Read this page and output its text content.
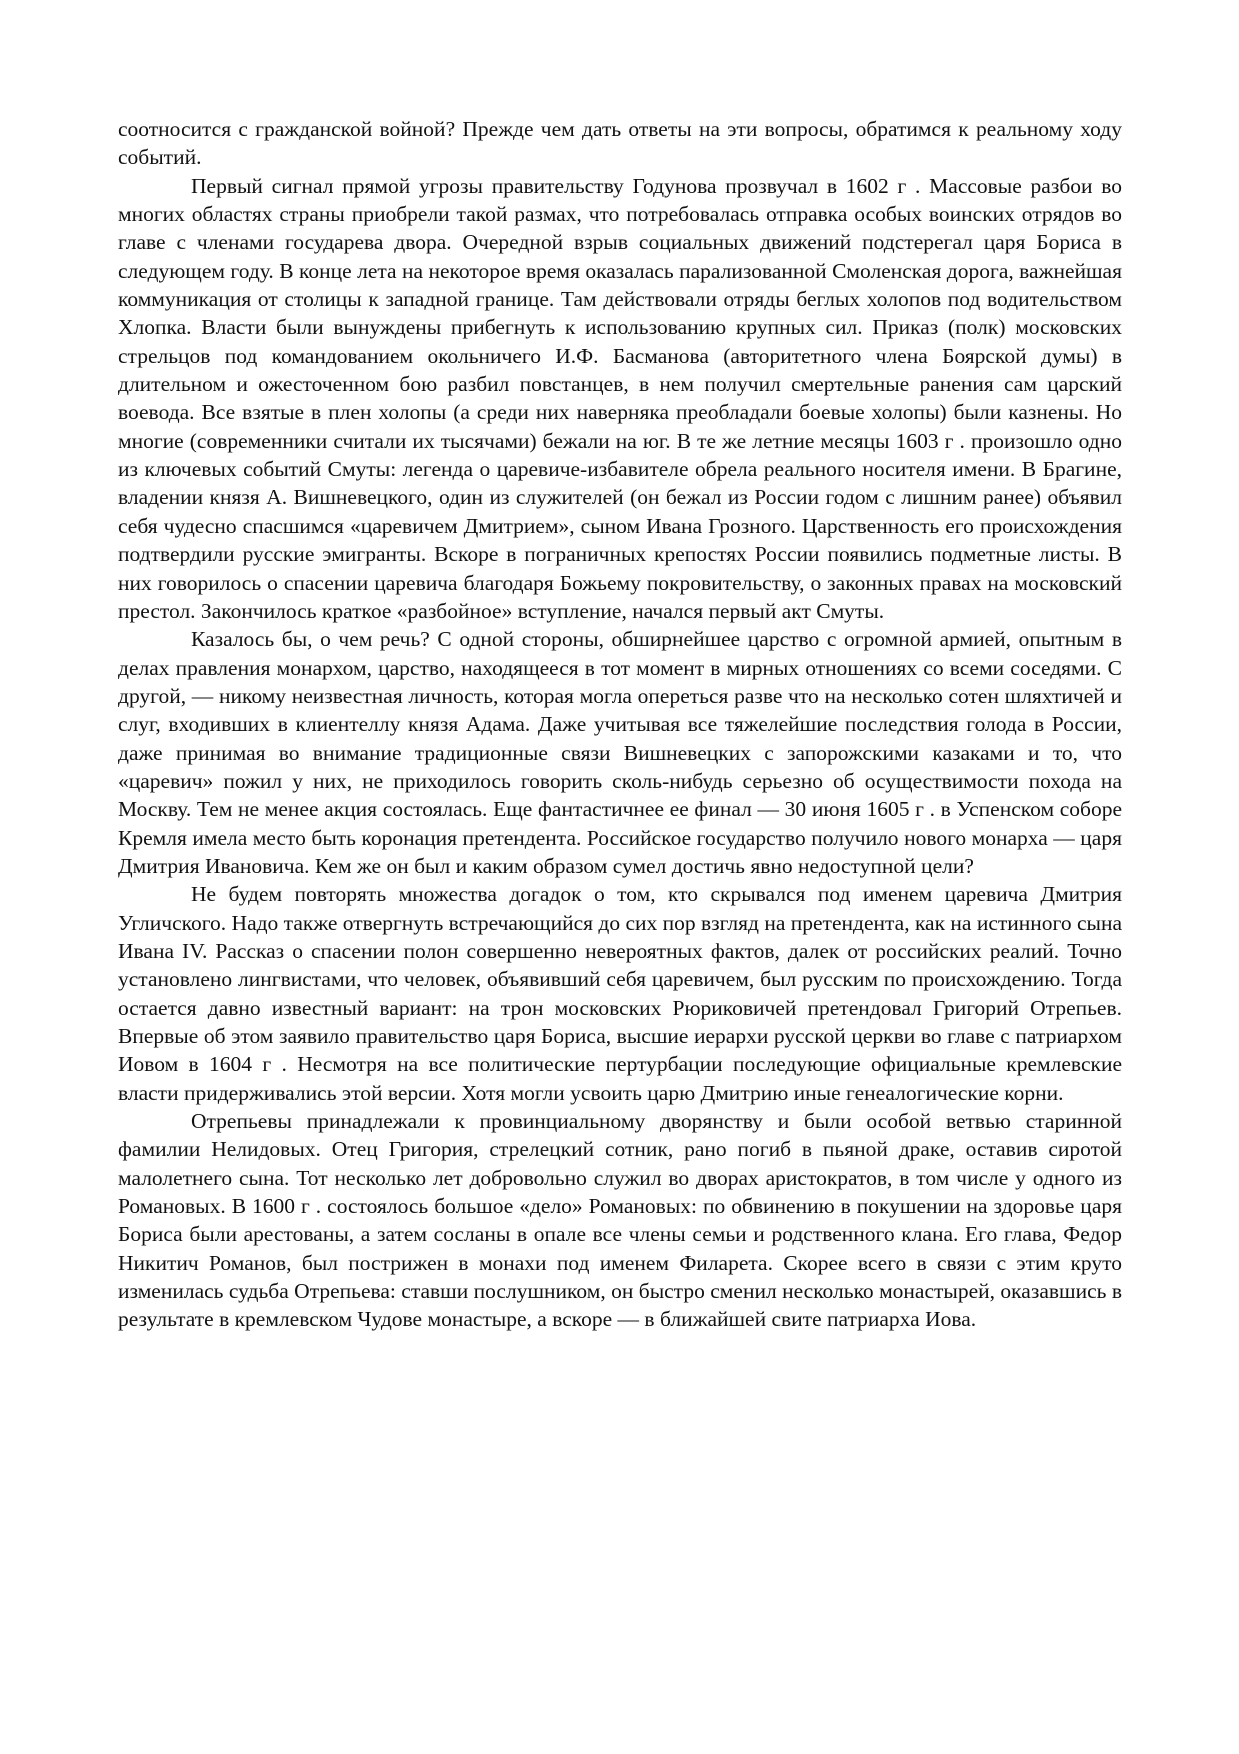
соотносится с гражданской войной? Прежде чем дать ответы на эти вопросы, обратимся к реальному ходу событий.

Первый сигнал прямой угрозы правительству Годунова прозвучал в 1602 г . Массовые разбои во многих областях страны приобрели такой размах, что потребовалась отправка особых воинских отрядов во главе с членами государева двора. Очередной взрыв социальных движений подстерегал царя Бориса в следующем году. В конце лета на некоторое время оказалась парализованной Смоленская дорога, важнейшая коммуникация от столицы к западной границе. Там действовали отряды беглых холопов под водительством Хлопка. Власти были вынуждены прибегнуть к использованию крупных сил. Приказ (полк) московских стрельцов под командованием окольничего И.Ф. Басманова (авторитетного члена Боярской думы) в длительном и ожесточенном бою разбил повстанцев, в нем получил смертельные ранения сам царский воевода. Все взятые в плен холопы (а среди них наверняка преобладали боевые холопы) были казнены. Но многие (современники считали их тысячами) бежали на юг. В те же летние месяцы 1603 г . произошло одно из ключевых событий Смуты: легенда о царевиче-избавителе обрела реального носителя имени. В Брагине, владении князя А. Вишневецкого, один из служителей (он бежал из России годом с лишним ранее) объявил себя чудесно спасшимся «царевичем Дмитрием», сыном Ивана Грозного. Царственность его происхождения подтвердили русские эмигранты. Вскоре в пограничных крепостях России появились подметные листы. В них говорилось о спасении царевича благодаря Божьему покровительству, о законных правах на московский престол. Закончилось краткое «разбойное» вступление, начался первый акт Смуты.

Казалось бы, о чем речь? С одной стороны, обширнейшее царство с огромной армией, опытным в делах правления монархом, царство, находящееся в тот момент в мирных отношениях со всеми соседями. С другой, — никому неизвестная личность, которая могла опереться разве что на несколько сотен шляхтичей и слуг, входивших в клиентеллу князя Адама. Даже учитывая все тяжелейшие последствия голода в России, даже принимая во внимание традиционные связи Вишневецких с запорожскими казаками и то, что «царевич» пожил у них, не приходилось говорить сколь-нибудь серьезно об осуществимости похода на Москву. Тем не менее акция состоялась. Еще фантастичнее ее финал — 30 июня 1605 г . в Успенском соборе Кремля имела место быть коронация претендента. Российское государство получило нового монарха — царя Дмитрия Ивановича. Кем же он был и каким образом сумел достичь явно недоступной цели?

Не будем повторять множества догадок о том, кто скрывался под именем царевича Дмитрия Угличского. Надо также отвергнуть встречающийся до сих пор взгляд на претендента, как на истинного сына Ивана IV. Рассказ о спасении полон совершенно невероятных фактов, далек от российских реалий. Точно установлено лингвистами, что человек, объявивший себя царевичем, был русским по происхождению. Тогда остается давно известный вариант: на трон московских Рюриковичей претендовал Григорий Отрепьев. Впервые об этом заявило правительство царя Бориса, высшие иерархи русской церкви во главе с патриархом Иовом в 1604 г . Несмотря на все политические пертурбации последующие официальные кремлевские власти придерживались этой версии. Хотя могли усвоить царю Дмитрию иные генеалогические корни.

Отрепьевы принадлежали к провинциальному дворянству и были особой ветвью старинной фамилии Нелидовых. Отец Григория, стрелецкий сотник, рано погиб в пьяной драке, оставив сиротой малолетнего сына. Тот несколько лет добровольно служил во дворах аристократов, в том числе у одного из Романовых. В 1600 г . состоялось большое «дело» Романовых: по обвинению в покушении на здоровье царя Бориса были арестованы, а затем сосланы в опале все члены семьи и родственного клана. Его глава, Федор Никитич Романов, был пострижен в монахи под именем Филарета. Скорее всего в связи с этим круто изменилась судьба Отрепьева: ставши послушником, он быстро сменил несколько монастырей, оказавшись в результате в кремлевском Чудове монастыре, а вскоре — в ближайшей свите патриарха Иова.
